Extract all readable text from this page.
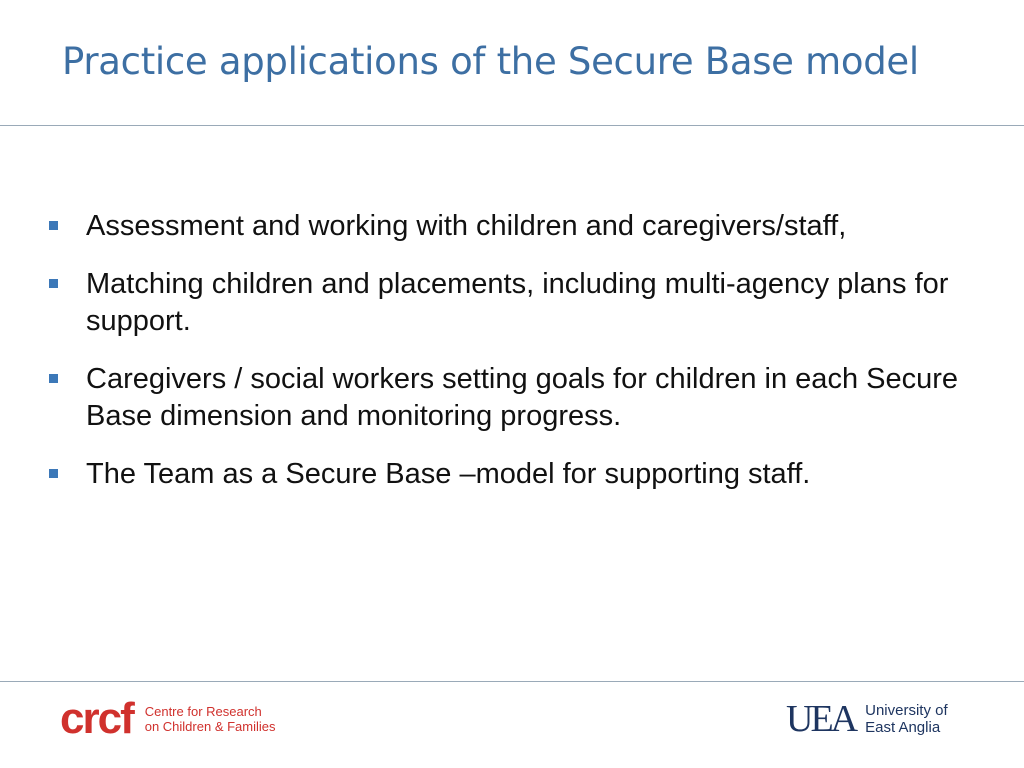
Practice applications of the Secure Base model
Assessment and working with children and caregivers/staff,
Matching children and placements, including multi-agency plans for support.
Caregivers / social workers setting goals for children in each Secure Base dimension and monitoring progress.
The Team as a Secure Base –model for supporting staff.
crcf Centre for Research
on Children & Families	UEA University of
East Anglia
